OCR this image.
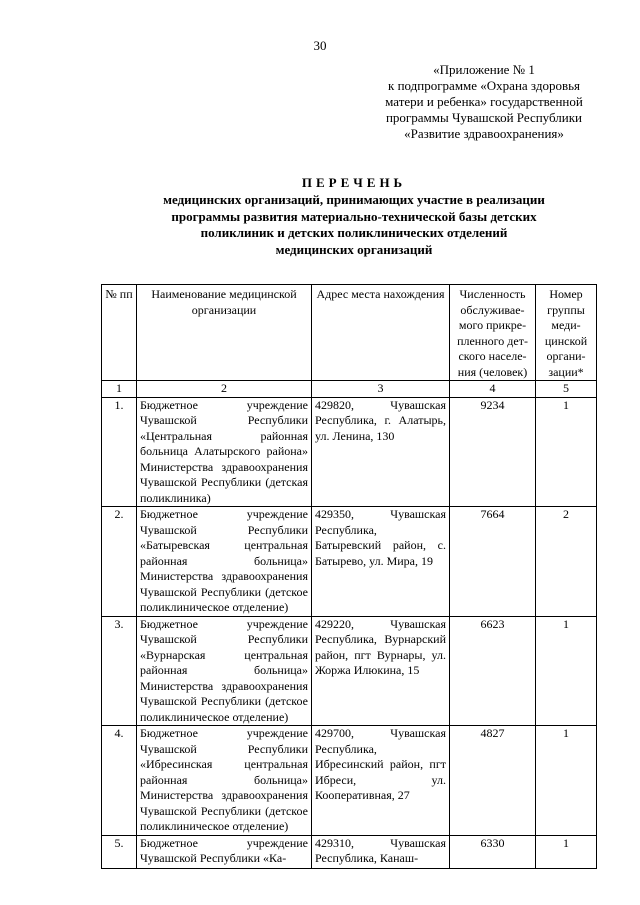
30
«Приложение № 1
к подпрограмме «Охрана здоровья
матери и ребенка» государственной
программы Чувашской Республики
«Развитие здравоохранения»
ПЕРЕЧЕНЬ
медицинских организаций, принимающих участие в реализации
программы развития материально-технической базы детских
поликлиник и детских поликлинических отделений
медицинских организаций
№ пп	Наименование медицинской организации	Адрес места нахождения	Численность обслуживае-мого прикре-пленного дет-ского населе-ния (человек)	Номер группы меди-цинской органи-зации*
1	2	3	4	5
1.	Бюджетное учреждение Чувашской Республики «Центральная районная больница Алатырского района» Министерства здравоохранения Чувашской Республики (детская поликлиника)	429820, Чувашская Республика, г. Алатырь, ул. Ленина, 130	9234	1
2.	Бюджетное учреждение Чувашской Республики «Батыревская центральная районная больница» Министерства здравоохранения Чувашской Республики (детское поликлиническое отделение)	429350, Чувашская Республика, Батыревский район, с. Батырево, ул. Мира, 19	7664	2
3.	Бюджетное учреждение Чувашской Республики «Вурнарская центральная районная больница» Министерства здравоохранения Чувашской Республики (детское поликлиническое отделение)	429220, Чувашская Республика, Вурнарский район, пгт Вурнары, ул. Жоржа Илюкина, 15	6623	1
4.	Бюджетное учреждение Чувашской Республики «Ибресинская центральная районная больница» Министерства здравоохранения Чувашской Республики (детское поликлиническое отделение)	429700, Чувашская Республика, Ибресинский район, пгт Ибреси, ул. Кооперативная, 27	4827	1
5.	Бюджетное учреждение Чувашской Республики «Ка-	429310, Чувашская Республика, Канаш-	6330	1
